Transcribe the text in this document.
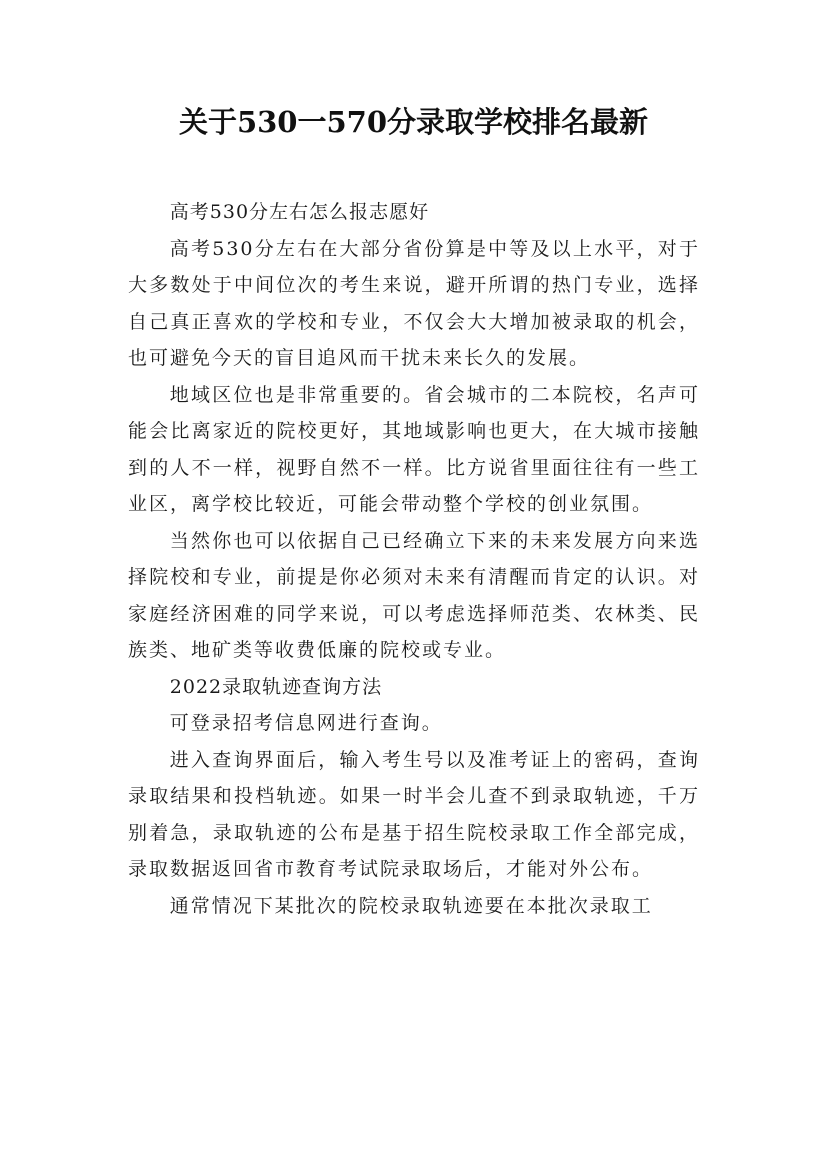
关于530一570分录取学校排名最新

高考530分左右怎么报志愿好

高考530分左右在大部分省份算是中等及以上水平，对于大多数处于中间位次的考生来说，避开所谓的热门专业，选择自己真正喜欢的学校和专业，不仅会大大增加被录取的机会，也可避免今天的盲目追风而干扰未来长久的发展。

地域区位也是非常重要的。省会城市的二本院校，名声可能会比离家近的院校更好，其地域影响也更大，在大城市接触到的人不一样，视野自然不一样。比方说省里面往往有一些工业区，离学校比较近，可能会带动整个学校的创业氛围。

当然你也可以依据自己已经确立下来的未来发展方向来选择院校和专业，前提是你必须对未来有清醒而肯定的认识。对家庭经济困难的同学来说，可以考虑选择师范类、农林类、民族类、地矿类等收费低廉的院校或专业。

2022录取轨迹查询方法

可登录招考信息网进行查询。

进入查询界面后，输入考生号以及准考证上的密码，查询录取结果和投档轨迹。如果一时半会儿查不到录取轨迹，千万别着急，录取轨迹的公布是基于招生院校录取工作全部完成，录取数据返回省市教育考试院录取场后，才能对外公布。

通常情况下某批次的院校录取轨迹要在本批次录取工
